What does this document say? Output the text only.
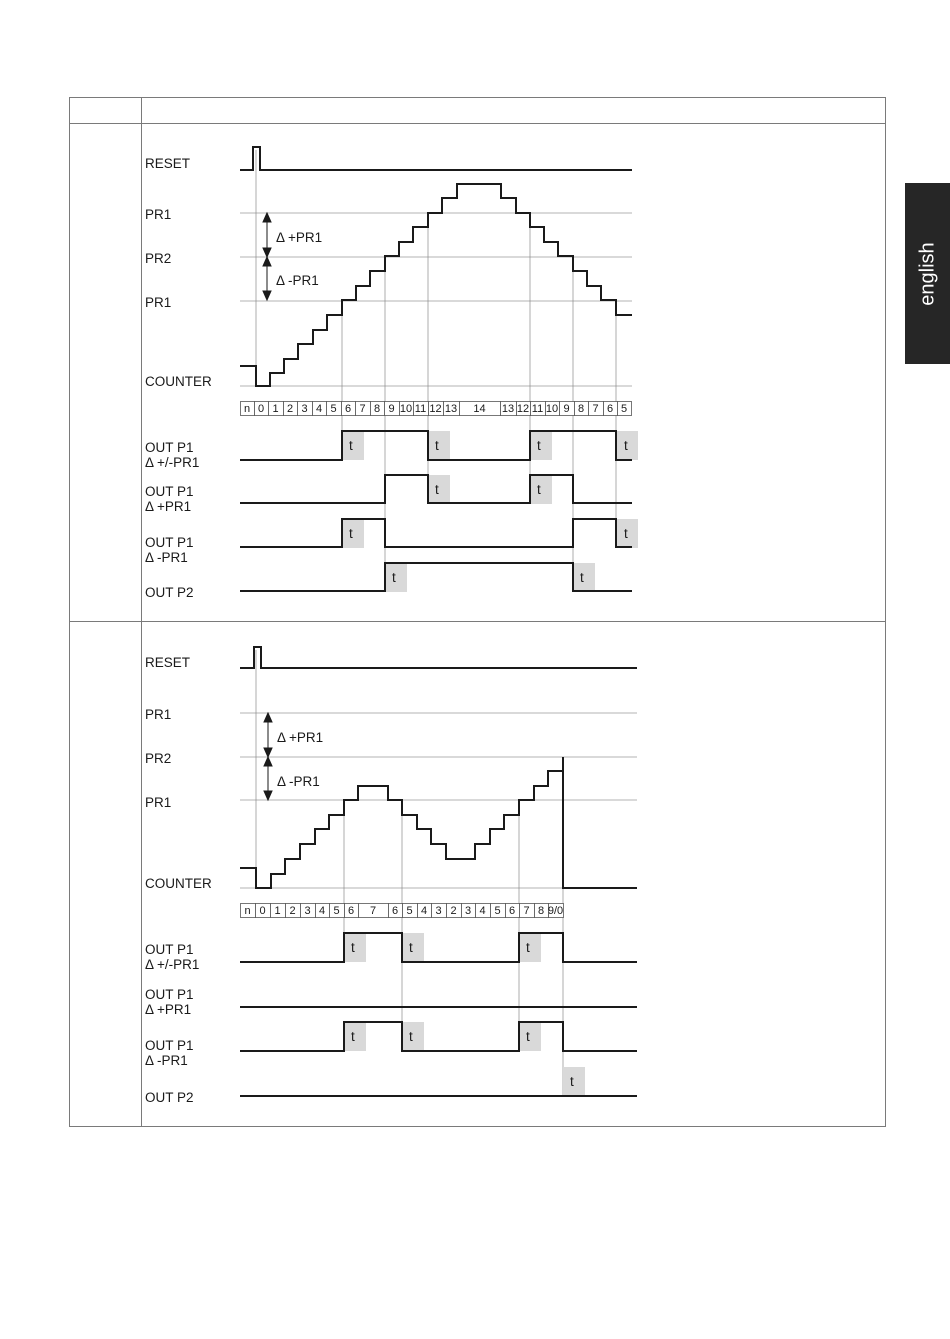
english
n 0 1 2 3 4 5 6 7 8 9 10 11 12 13 14 13 12 11 10 9 8 7 6 5
RESET
PR1
PR2
PR1
COUNTER
Δ +PR1
Δ -PR1
OUT P1
Δ +/-PR1
OUT P1
Δ +PR1
OUT P1
Δ -PR1
OUT P2
t	t	t	t
t	t
t	t
t	t
n 0 1 2 3 4 5 6 7 6 5 4 3 2 3 4 5 6 7 8 9/0
RESET
PR1
PR2
PR1
COUNTER
Δ +PR1
Δ -PR1
OUT P1
Δ +/-PR1
OUT P1
Δ +PR1
OUT P1
Δ -PR1
OUT P2
t	t	t
t	t	t
t
